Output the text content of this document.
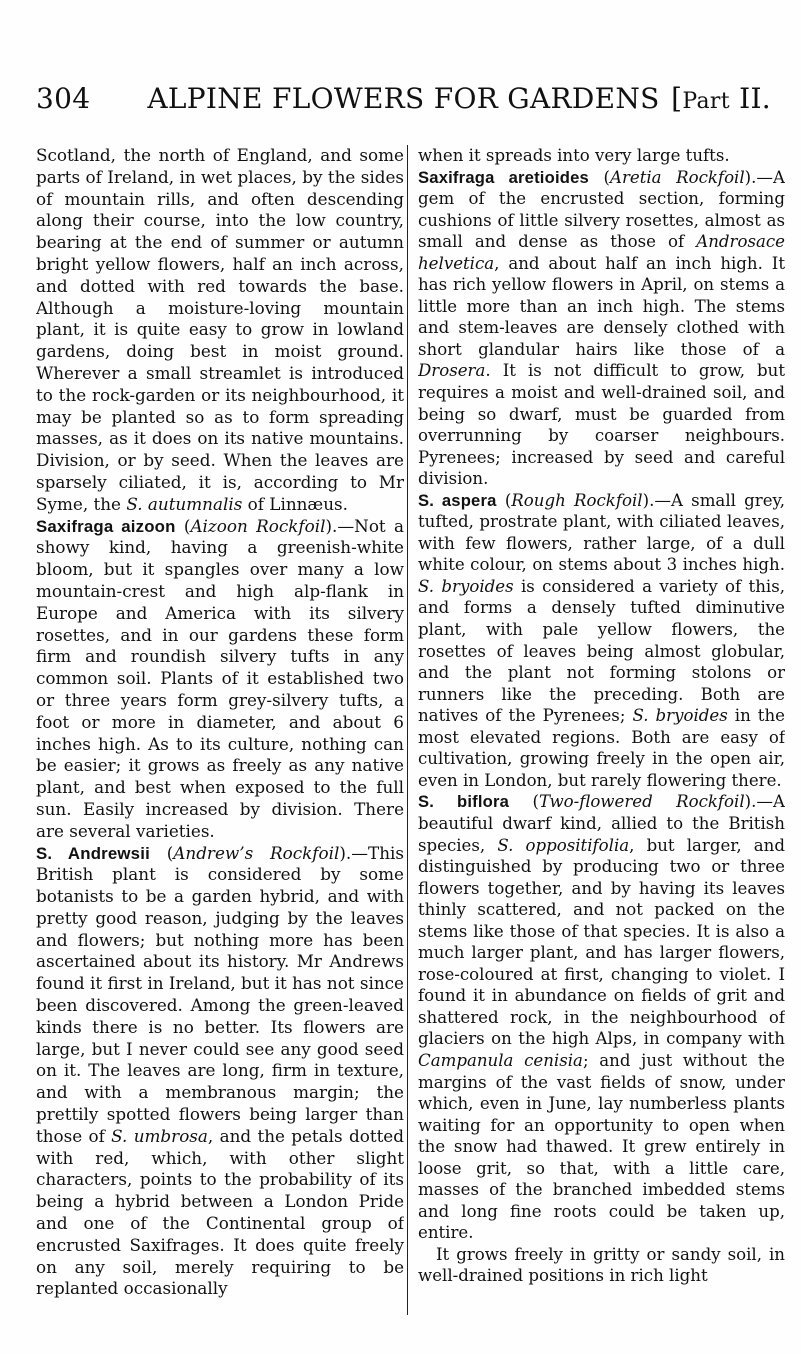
304	ALPINE FLOWERS FOR GARDENS [Part II.

Scotland, the north of England, and some parts of Ireland, in wet places, by the sides of mountain rills, and often descending along their course, into the low country, bearing at the end of summer or autumn bright yellow flowers, half an inch across, and dotted with red towards the base. Although a moisture-loving mountain plant, it is quite easy to grow in lowland gardens, doing best in moist ground. Wherever a small streamlet is introduced to the rock-garden or its neighbourhood, it may be planted so as to form spreading masses, as it does on its native mountains. Division, or by seed. When the leaves are sparsely ciliated, it is, according to Mr Syme, the S. autumnalis of Linnæus.

Saxifraga aizoon (Aizoon Rockfoil).—Not a showy kind, having a greenish-white bloom, but it spangles over many a low mountain-crest and high alp-flank in Europe and America with its silvery rosettes, and in our gardens these form firm and roundish silvery tufts in any common soil. Plants of it established two or three years form grey-silvery tufts, a foot or more in diameter, and about 6 inches high. As to its culture, nothing can be easier; it grows as freely as any native plant, and best when exposed to the full sun. Easily increased by division. There are several varieties.

S. Andrewsii (Andrew’s Rockfoil).—This British plant is considered by some botanists to be a garden hybrid, and with pretty good reason, judging by the leaves and flowers; but nothing more has been ascertained about its history. Mr Andrews found it first in Ireland, but it has not since been discovered. Among the green-leaved kinds there is no better. Its flowers are large, but I never could see any good seed on it. The leaves are long, firm in texture, and with a membranous margin; the prettily spotted flowers being larger than those of S. umbrosa, and the petals dotted with red, which, with other slight characters, points to the probability of its being a hybrid between a London Pride and one of the Continental group of encrusted Saxifrages. It does quite freely on any soil, merely requiring to be replanted occasionally

when it spreads into very large tufts.

Saxifraga aretioides (Aretia Rockfoil).—A gem of the encrusted section, forming cushions of little silvery rosettes, almost as small and dense as those of Androsace helvetica, and about half an inch high. It has rich yellow flowers in April, on stems a little more than an inch high. The stems and stem-leaves are densely clothed with short glandular hairs like those of a Drosera. It is not difficult to grow, but requires a moist and well-drained soil, and being so dwarf, must be guarded from overrunning by coarser neighbours. Pyrenees; increased by seed and careful division.

S. aspera (Rough Rockfoil).—A small grey, tufted, prostrate plant, with ciliated leaves, with few flowers, rather large, of a dull white colour, on stems about 3 inches high. S. bryoides is considered a variety of this, and forms a densely tufted diminutive plant, with pale yellow flowers, the rosettes of leaves being almost globular, and the plant not forming stolons or runners like the preceding. Both are natives of the Pyrenees; S. bryoides in the most elevated regions. Both are easy of cultivation, growing freely in the open air, even in London, but rarely flowering there.

S. biflora (Two-flowered Rockfoil).—A beautiful dwarf kind, allied to the British species, S. oppositifolia, but larger, and distinguished by producing two or three flowers together, and by having its leaves thinly scattered, and not packed on the stems like those of that species. It is also a much larger plant, and has larger flowers, rose-coloured at first, changing to violet. I found it in abundance on fields of grit and shattered rock, in the neighbourhood of glaciers on the high Alps, in company with Campanula cenisia; and just without the margins of the vast fields of snow, under which, even in June, lay numberless plants waiting for an opportunity to open when the snow had thawed. It grew entirely in loose grit, so that, with a little care, masses of the branched imbedded stems and long fine roots could be taken up, entire.

It grows freely in gritty or sandy soil, in well-drained positions in rich light
